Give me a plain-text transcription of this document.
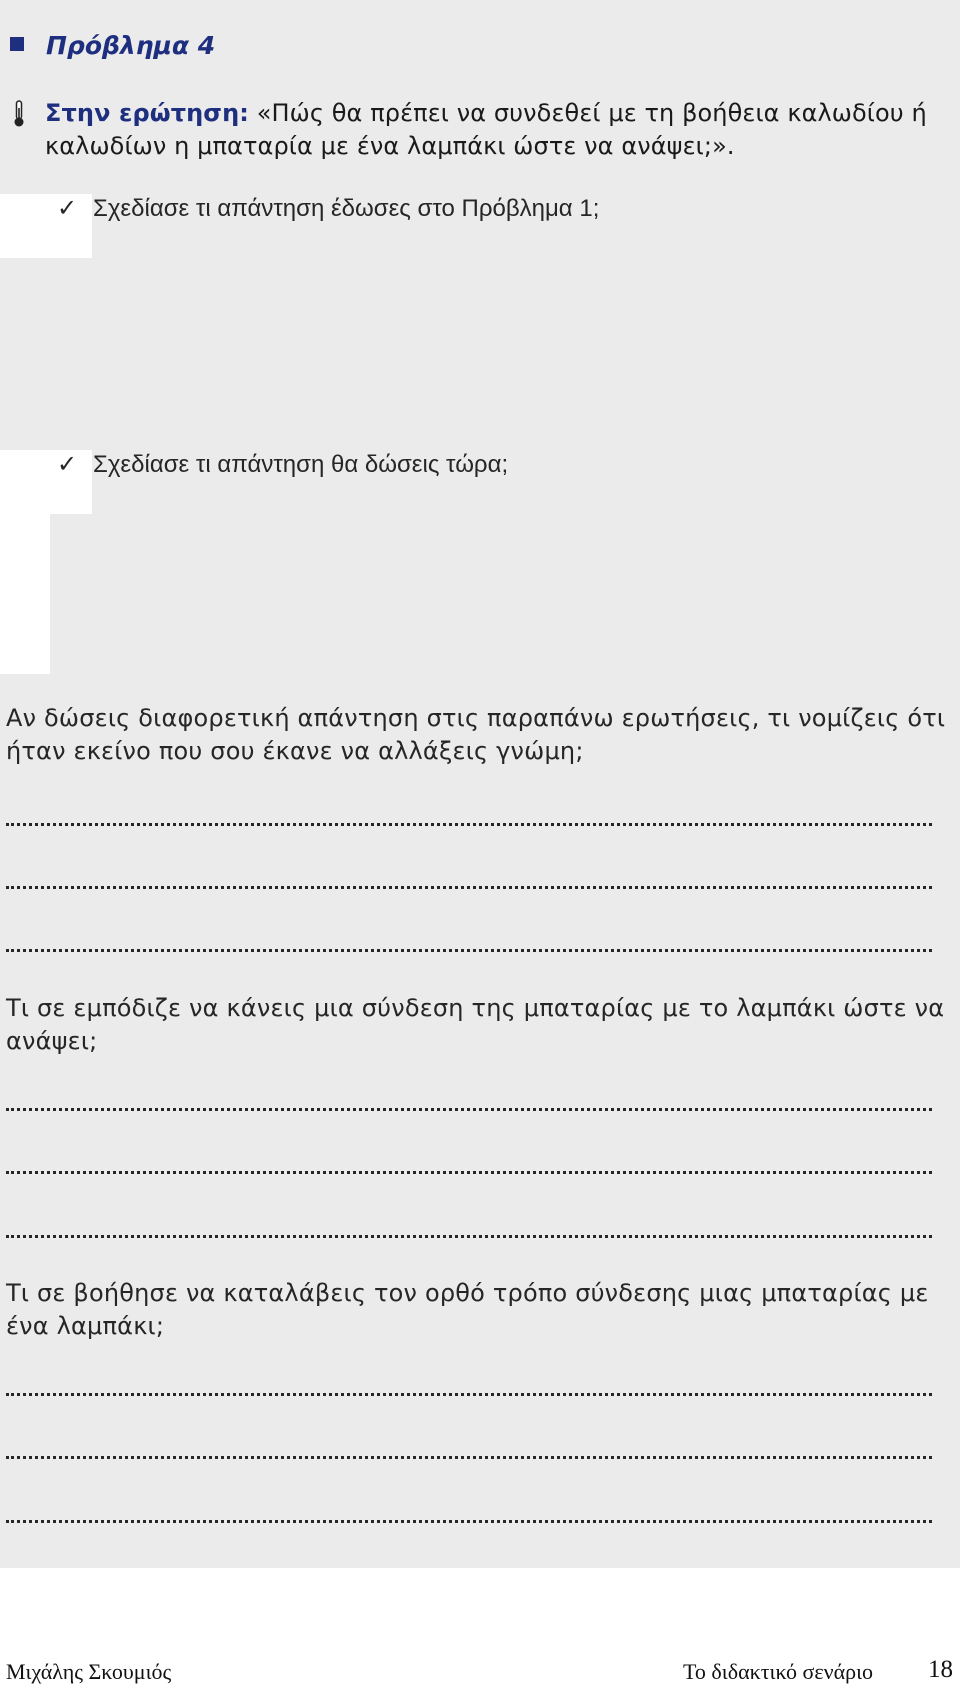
Πρόβλημα 4
Στην ερώτηση: «Πώς θα πρέπει να συνδεθεί με τη βοήθεια καλωδίου ή
καλωδίων η μπαταρία με ένα λαμπάκι ώστε να ανάψει;».
✓ Σχεδίασε τι απάντηση έδωσες στο Πρόβλημα 1;
✓ Σχεδίασε τι απάντηση θα δώσεις τώρα;
Αν δώσεις διαφορετική απάντηση στις παραπάνω ερωτήσεις, τι νομίζεις ότι
ήταν εκείνο που σου έκανε να αλλάξεις γνώμη;
Τι σε εμπόδιζε να κάνεις μια σύνδεση της μπαταρίας με το λαμπάκι ώστε να
ανάψει;
Τι σε βοήθησε να καταλάβεις τον ορθό τρόπο σύνδεσης μιας μπαταρίας με
ένα λαμπάκι;
Μιχάλης Σκουμιός	Το διδακτικό σενάριο 18
